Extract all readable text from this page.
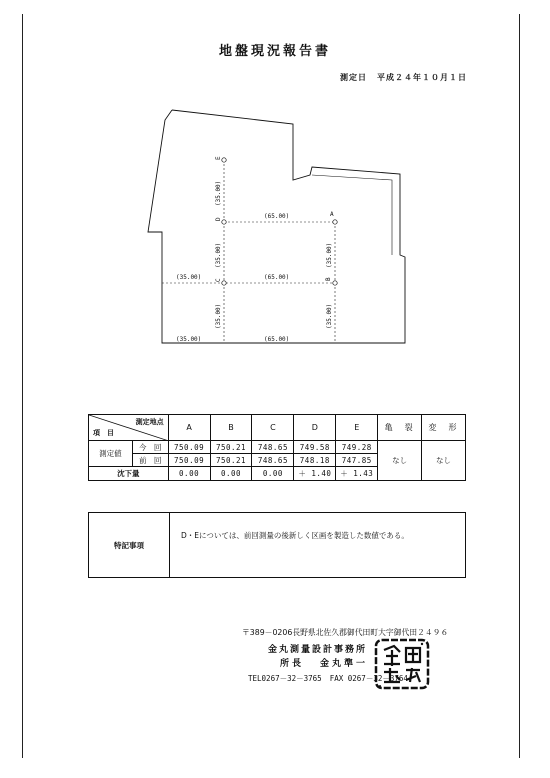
地盤現況報告書
測定日 平成２４年１０月１日
A
B
C
D
E
(65.00)
(65.00)
(35.00)
(35.00)	(65.00)
(35.00)
(35.00)
(35.00)
(35.00)
(35.00)
測定地点
項　目		A	B	C	D	E	亀　裂	変　形
測定値	今　回	750.09	750.21	748.65	749.58	749.28	なし	なし
	前　回	750.09	750.21	748.65	748.18	747.85		
沈下量		0.00	0.00	0.00	＋ 1.40	＋ 1.43		
特記事項
D・Eについては、前回測量の後新しく区画を製造した数値である。
〒389－0206長野県北佐久郡御代田町大字御代田２４９６
金丸測量設計事務所
所長 金丸準一
TEL0267－32－3765 FAX 0267－32－3764
